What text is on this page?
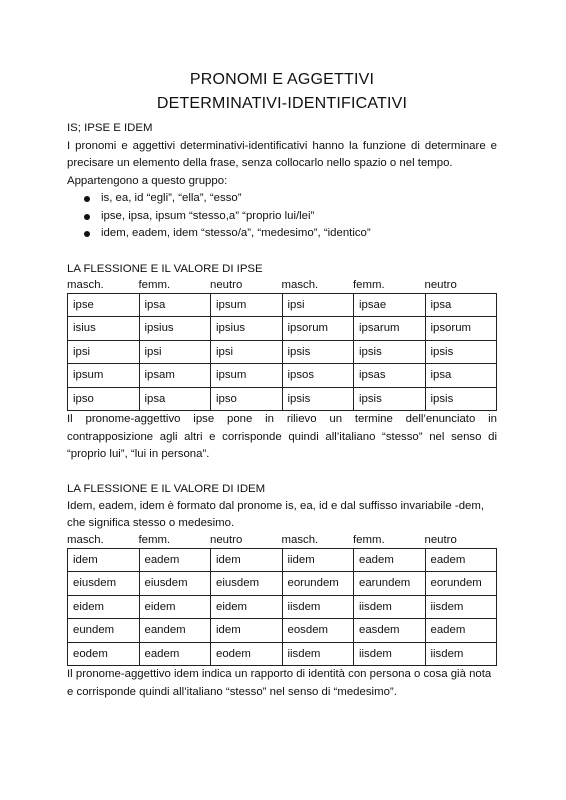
PRONOMI E AGGETTIVI
DETERMINATIVI-IDENTIFICATIVI

IS; IPSE E IDEM

I pronomi e aggettivi determinativi-identificativi hanno la funzione di determinare e precisare un elemento della frase, senza collocarlo nello spazio o nel tempo.

Appartengono a questo gruppo:

is, ea, id “egli”, “ella”, “esso”
ipse, ipsa, ipsum “stesso,a” “proprio lui/lei”
idem, eadem, idem “stesso/a”, “medesimo”, “identico”

LA FLESSIONE E IL VALORE DI IPSE

masch.	femm.	neutro	masch.	femm.	neutro
ipse	ipsa	ipsum	ipsi	ipsae	ipsa
isius	ipsius	ipsius	ipsorum	ipsarum	ipsorum
ipsi	ipsi	ipsi	ipsis	ipsis	ipsis
ipsum	ipsam	ipsum	ipsos	ipsas	ipsa
ipso	ipsa	ipso	ipsis	ipsis	ipsis

Il pronome-aggettivo ipse pone in rilievo un termine dell’enunciato in contrapposizione agli altri e corrisponde quindi all’italiano “stesso” nel senso di “proprio lui”, “lui in persona”.

LA FLESSIONE E IL VALORE DI IDEM

Idem, eadem, idem è formato dal pronome is, ea, id e dal suffisso invariabile -dem, che significa stesso o medesimo.

masch.	femm.	neutro	masch.	femm.	neutro
idem	eadem	idem	iidem	eadem	eadem
eiusdem	eiusdem	eiusdem	eorundem	earundem	eorundem
eidem	eidem	eidem	iisdem	iisdem	iisdem
eundem	eandem	idem	eosdem	easdem	eadem
eodem	eadem	eodem	iisdem	iisdem	iisdem

Il pronome-aggettivo idem indica un rapporto di identità con persona o cosa già nota e corrisponde quindi all’italiano “stesso” nel senso di “medesimo”.
